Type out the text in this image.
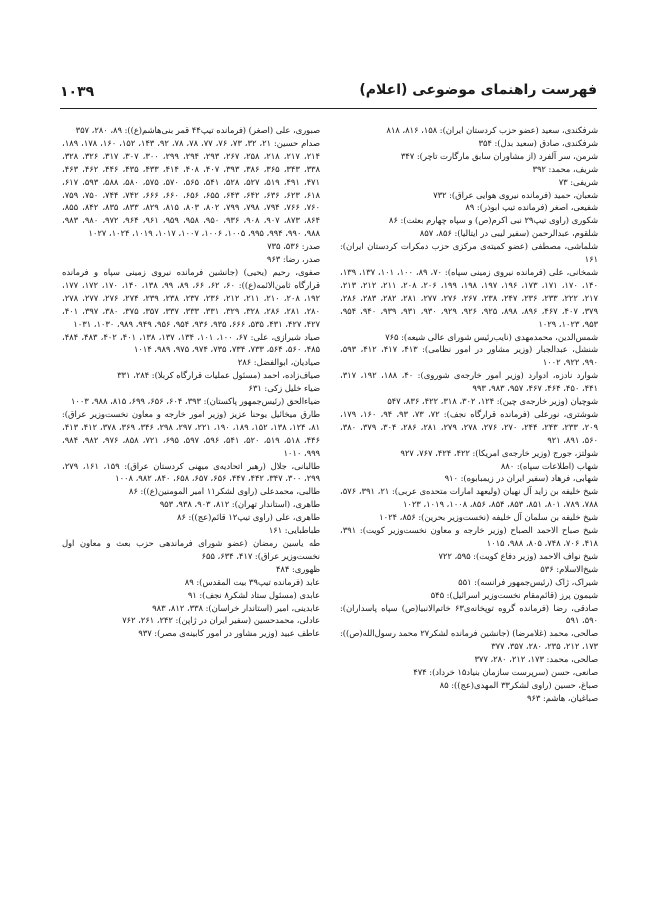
۱۰۳۹	فهرست راهنمای موضوعی (اعلام)

شرفکندی، سعید (عضو حزب کردستان ایران): ۱۵۸، ۸۱۶، ۸۱۸

شرفکندی، صادق (سعید بدل): ۳۵۴

شرمن، سر آلفرد (از مشاوران سابق مارگارت تاچر): ۳۴۷

شریف، محمد: ۳۹۲

شریفی: ۷۳

شعبان، حمید (فرمانده نیروی هوایی عراق): ۷۳۲

شفیعی، اصغر (فرمانده تیپ ابوذر): ۸۹

شکوری (راوی تیپ۲۹ نبی اکرم(ص) و سپاه چهارم بعثت): ۸۶

شلقوم، عبدالرحمن (سفیر لیبی در ایتالیا): ۸۵۶، ۸۵۷

شلماشی، مصطفی (عضو کمیته‌ی مرکزی حزب دمکرات کردستان ایران): ۱۶۱

شمخانی، علی (فرمانده نیروی زمینی سپاه): ۷۰، ۸۹، ۱۰۰، ۱۰۱، ۱۳۷، ۱۳۹، ۱۴۰، ۱۷۰، ۱۷۱، ۱۷۳، ۱۹۶، ۱۹۷، ۱۹۸، ۱۹۹، ۲۰۶، ۲۰۸، ۲۱۱، ۲۱۲، ۲۱۳، ۲۱۷، ۲۲۲، ۲۳۳، ۲۳۶، ۲۴۷، ۲۳۸، ۲۶۷، ۲۷۶، ۲۷۷، ۲۸۱، ۲۸۲، ۲۸۳، ۲۸۶، ۳۷۹، ۴۰۷، ۴۶۷، ۸۹۶، ۸۹۸، ۹۲۵، ۹۲۶، ۹۲۹، ۹۳۰، ۹۳۱، ۹۳۹، ۹۴۰، ۹۵۴، ۹۵۳، ۱۰۲۳، ۱۰۲۹

شمس‌الدین، محمدمهدی (نایب‌رئیس شورای عالی شیعه): ۷۶۵

شنشل، عبدالجبار (وزیر مشاور در امور نظامی): ۴۱۳، ۴۱۷، ۴۱۲، ۵۹۳، ۹۹۰، ۹۲۲، ۱۰۰۲

شوارد نادزه، ادوارد (وزیر امور خارجه‌ی شوروی): ۴۰، ۱۸۸، ۱۹۲، ۳۱۷، ۴۴۱، ۴۵۰، ۴۶۴، ۴۶۷، ۹۵۷، ۹۸۳، ۹۹۳

شوچیان (وزیر خارجه‌ی چین): ۱۲۴، ۳۰۲، ۳۱۸، ۴۲۲، ۸۳۶، ۵۴۷

شوشتری، نورعلی (فرمانده قرارگاه نجف): ۷۲، ۷۳، ۹۳، ۹۴، ۱۶۰، ۱۷۹، ۲۰۹، ۲۳۳، ۲۴۳، ۲۴۴، ۲۷۰، ۲۷۶، ۲۷۸، ۲۷۹، ۲۸۱، ۲۸۶، ۳۰۴، ۳۷۹، ۳۸۰، ۵۶۰، ۸۹۱، ۹۲۱

شولتز، جورج (وزیر خارجه‌ی امریکا): ۴۲۲، ۴۲۴، ۷۶۷، ۹۲۷

شهاب (اطلاعات سپاه): ۸۸۰

شهابی، فرهاد (سفیر ایران در زیمبابوه): ۹۱۰

شیخ خلیفه بن زاید آل نهیان (ولیعهد امارات متحده‌ی عربی): ۲۱، ۳۹۱، ۵۷۶، ۷۸۸، ۷۸۹، ۸۰۱، ۸۵۱، ۸۵۳، ۸۵۴، ۸۵۶، ۱۰۰۸، ۱۰۱۹، ۱۰۲۳

شیخ خلیفه بن سلمان آل خلیفه (نخست‌وزیر بحرین): ۸۵۶، ۱۰۲۴

شیخ صباح الاحمد الصباح (وزیر خارجه و معاون نخست‌وزیر کویت): ۳۹۱، ۴۱۸، ۷۰۶، ۷۴۸، ۸۰۵، ۹۸۸، ۱۰۱۵

شیخ نواف الاحمد (وزیر دفاع کویت): ۵۹۵، ۷۲۲

شیخ‌الاسلام: ۵۳۶

شیراک، ژاک (رئیس‌جمهور فرانسه): ۵۵۱

شیمون پرز (قائم‌مقام نخست‌وزیر اسرائیل): ۵۴۵

صادقی، رضا (فرمانده گروه توپخانه‌ی۶۳ خاتم‌الانبیا(ص) سپاه پاسداران): ۵۹۰، ۵۹۱

صالحی، محمد (غلامرضا) (جانشین فرمانده لشکر۲۷ محمد رسول‌الله(ص)): ۱۷۳، ۲۱۲، ۲۳۵، ۲۸۰، ۳۵۷، ۳۷۷

صالحی، محمد: ۱۷۳، ۲۱۲، ۲۸۰، ۳۷۷

صانعی، حسن (سرپرست سازمان بنیاد۱۵ خرداد): ۴۷۴

صباغ، حسین (راوی لشکر۳۳ المهدی(عج)): ۸۵

صباغیان، هاشم: ۹۶۳

صبوری، علی (اصغر) (فرمانده تیپ۴۴ قمر بنی‌هاشم(ع)): ۸۹، ۲۸۰، ۳۵۷

صدام حسین: ۲۱، ۳۲، ۷۳، ۷۶، ۷۷، ۷۸، ۷۸، ۹۲، ۱۴۳، ۱۵۲، ۱۶۰، ۱۷۸، ۱۸۹، ۲۱۴، ۲۱۷، ۲۱۸، ۲۵۸، ۲۶۷، ۲۹۳، ۲۹۴، ۲۹۹، ۳۰۰، ۳۰۷، ۳۱۷، ۳۲۶، ۳۲۸، ۳۳۸، ۳۴۳، ۳۶۵، ۳۸۶، ۳۹۳، ۴۰۷، ۴۰۸، ۴۱۴، ۴۳۳، ۴۳۵، ۴۴۶، ۴۶۲، ۴۶۳، ۴۷۱، ۴۹۱، ۵۱۹، ۵۲۷، ۵۲۸، ۵۴۱، ۵۶۵، ۵۷۰، ۵۷۵، ۵۸۰، ۵۸۸، ۵۹۳، ۶۱۷، ۶۱۸، ۶۲۳، ۶۳۶، ۶۴۲، ۶۴۳، ۶۵۵، ۶۵۶، ۶۶۰، ۶۶۶، ۷۴۲، ۷۴۴، ۷۵۰، ۷۵۹، ۷۶۰، ۷۶۶، ۷۹۴، ۷۹۸، ۷۹۹، ۸۰۲، ۸۰۳، ۸۱۵، ۸۲۹، ۸۳۳، ۸۳۵، ۸۴۲، ۸۵۵، ۸۶۴، ۸۷۳، ۹۰۷، ۹۰۸، ۹۳۶، ۹۵۰، ۹۵۸، ۹۵۹، ۹۶۱، ۹۶۴، ۹۷۲، ۹۸۰، ۹۸۳، ۹۸۸، ۹۹۰، ۹۹۴، ۹۹۵، ۱۰۰۵، ۱۰۰۶، ۱۰۰۷، ۱۰۱۷، ۱۰۱۹، ۱۰۲۴، ۱۰۲۷

صدر: ۵۳۶، ۷۳۵

صدر، رضا: ۹۶۳

صفوی، رحیم (یحیی) (جانشین فرمانده نیروی زمینی سپاه و فرمانده قرارگاه ثامن‌الائمه(ع)): ۶۰، ۶۲، ۶۶، ۸۹، ۹۹، ۱۳۸، ۱۴۰، ۱۷۰، ۱۷۲، ۱۷۷، ۱۹۲، ۲۰۸، ۲۱۰، ۲۱۱، ۲۱۲، ۲۳۶، ۲۳۷، ۲۳۸، ۲۳۹، ۲۷۴، ۲۷۶، ۲۷۷، ۲۷۸، ۲۸۰، ۲۸۱، ۲۸۶، ۳۲۸، ۳۲۹، ۳۳۱، ۳۳۳، ۳۳۷، ۳۵۷، ۳۷۵، ۳۸۰، ۳۹۷، ۴۰۱، ۴۲۷، ۴۲۷، ۴۳۱، ۵۳۵، ۶۶۶، ۹۳۵، ۹۳۶، ۹۵۴، ۹۵۶، ۹۴۹، ۹۸۹، ۱۰۳۰، ۱۰۳۱

صیاد شیرازی، علی: ۶۷، ۱۰۰، ۱۰۱، ۱۳۴، ۱۳۷، ۱۳۸، ۴۰۱، ۴۰۲، ۴۸۳، ۴۸۴، ۴۸۵، ۵۶۰، ۵۶۴، ۷۳۳، ۷۳۴، ۷۳۵، ۹۷۴، ۹۷۵، ۹۸۹، ۱۰۱۴

صیادیان، ابوالفضل: ۲۸۶

صیاف‌زاده، احمد (مسئول عملیات قرارگاه کربلا): ۲۸۴، ۳۳۱

ضیاء خلیل زکی: ۶۳۱

ضیاءالحق (رئیس‌جمهور پاکستان): ۳۹۳، ۶۰۴، ۶۵۶، ۶۹۹، ۸۱۵، ۹۸۸، ۱۰۰۳

طارق میخائیل یوحنا عزیز (وزیر امور خارجه و معاون نخست‌وزیر عراق): ۸۱، ۱۲۴، ۱۳۸، ۱۵۲، ۱۸۹، ۱۹۰، ۲۲۱، ۲۹۷، ۲۹۸، ۳۴۶، ۳۶۹، ۳۷۸، ۴۱۲، ۴۱۳، ۴۴۶، ۵۱۸، ۵۱۹، ۵۲۰، ۵۴۱، ۵۹۶، ۵۹۷، ۶۹۵، ۷۲۱، ۸۵۸، ۹۷۶، ۹۸۲، ۹۸۴، ۹۹۹، ۱۰۱۰

طالبانی، جلال (رهبر اتحادیه‌ی میهنی کردستان عراق): ۱۵۹، ۱۶۱، ۲۷۹، ۲۹۹، ۳۰۰، ۳۴۷، ۴۴۲، ۴۴۷، ۶۵۶، ۶۵۷، ۶۵۸، ۸۴۰، ۹۸۲، ۱۰۰۸

طالبی، محمدعلی (راوی لشکر۱۱ امیر المومنین(ع)): ۸۶

طاهری، (استاندار تهران): ۸۱۲، ۹۰۳، ۹۳۸، ۹۵۳

طاهری، علی (راوی تیپ۱۲ قائم(عج)): ۸۶

طباطبایی: ۱۶۱

طه یاسین رمضان (عضو شورای فرماندهی حزب بعث و معاون اول نخست‌وزیر عراق): ۴۱۷، ۶۳۴، ۶۵۵

ظهوری: ۴۸۴

عابد (فرمانده تیپ۳۹ بیت المقدس): ۸۹

عابدی (مسئول ستاد لشکر۸ نجف): ۹۱

عابدینی، امیر (استاندار خراسان): ۳۳۸، ۸۱۲، ۹۸۳

عادلی، محمدحسین (سفیر ایران در ژاپن): ۲۴۲، ۲۶۱، ۷۶۲

عاطف عبید (وزیر مشاور در امور کابینه‌ی مصر): ۹۳۷
